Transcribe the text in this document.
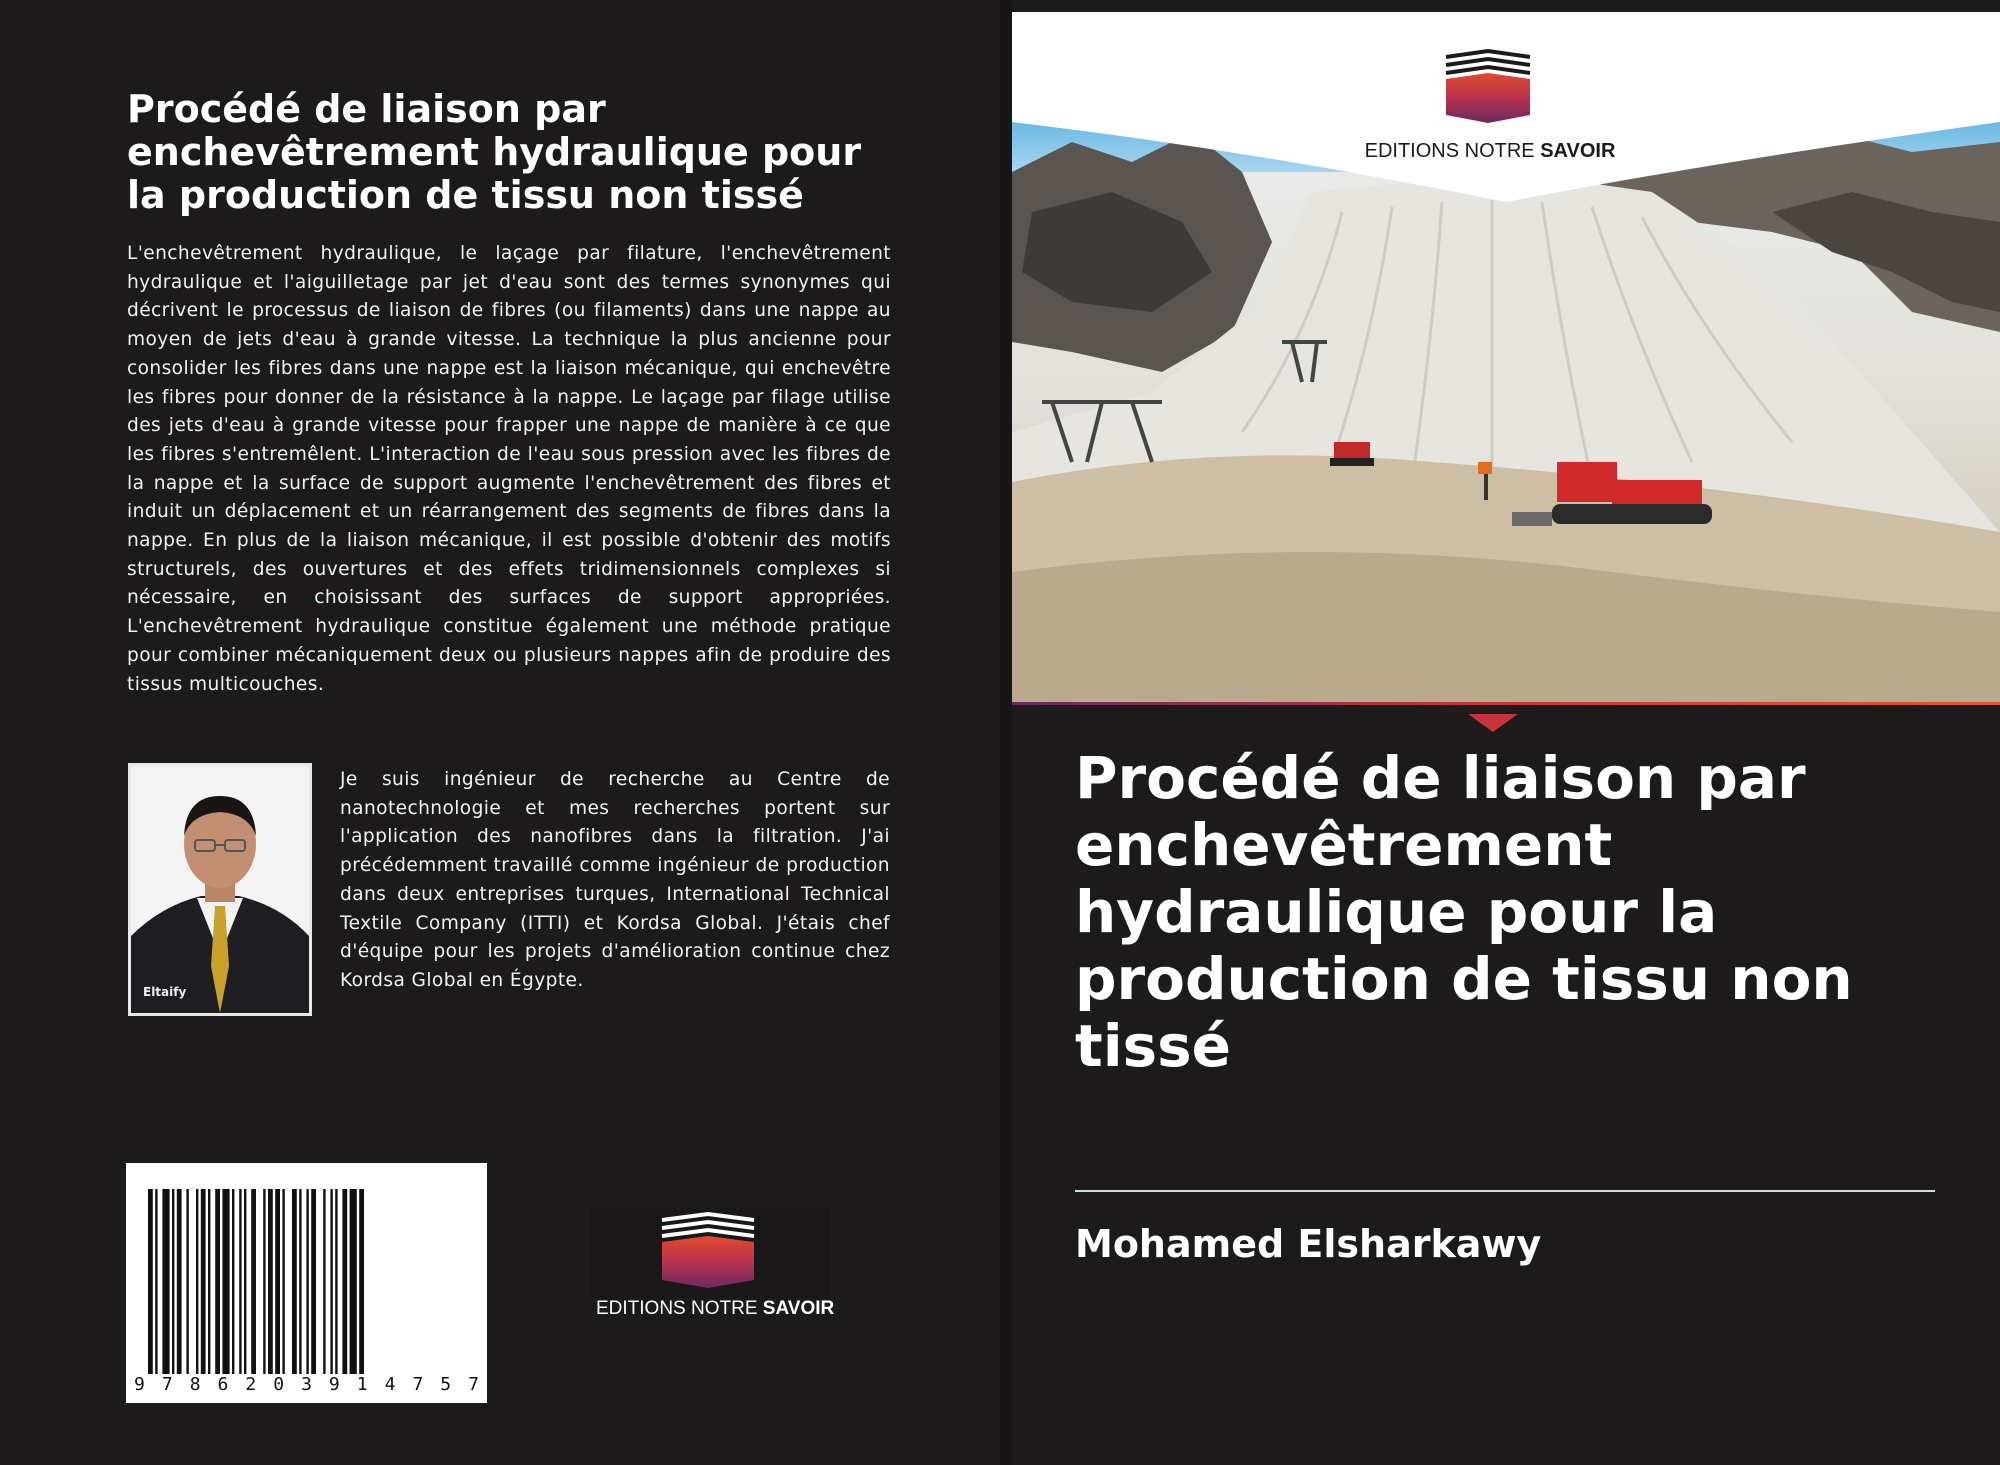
Procédé de liaison par enchevêtrement hydraulique pour la production de tissu non tissé

L'enchevêtrement hydraulique, le laçage par filature, l'enchevêtrement hydraulique et l'aiguilletage par jet d'eau sont des termes synonymes qui décrivent le processus de liaison de fibres (ou filaments) dans une nappe au moyen de jets d'eau à grande vitesse. La technique la plus ancienne pour consolider les fibres dans une nappe est la liaison mécanique, qui enchevêtre les fibres pour donner de la résistance à la nappe. Le laçage par filage utilise des jets d'eau à grande vitesse pour frapper une nappe de manière à ce que les fibres s'entremêlent. L'interaction de l'eau sous pression avec les fibres de la nappe et la surface de support augmente l'enchevêtrement des fibres et induit un déplacement et un réarrangement des segments de fibres dans la nappe. En plus de la liaison mécanique, il est possible d'obtenir des motifs structurels, des ouvertures et des effets tridimensionnels complexes si nécessaire, en choisissant des surfaces de support appropriées. L'enchevêtrement hydraulique constitue également une méthode pratique pour combiner mécaniquement deux ou plusieurs nappes afin de produire des tissus multicouches.

Eltaify

Je suis ingénieur de recherche au Centre de nanotechnologie et mes recherches portent sur l'application des nanofibres dans la filtration. J'ai précédemment travaillé comme ingénieur de production dans deux entreprises turques, International Technical Textile Company (ITTI) et Kordsa Global. J'étais chef d'équipe pour les projets d'amélioration continue chez Kordsa Global en Égypte.

9 7 8 6 2 0 3 9 1 4 7 5 7
EDITIONS NOTRE SAVOIR
EDITIONS NOTRE SAVOIR
Procédé de liaison par enchevêtrement hydraulique pour la production de tissu non tissé
Mohamed Elsharkawy
